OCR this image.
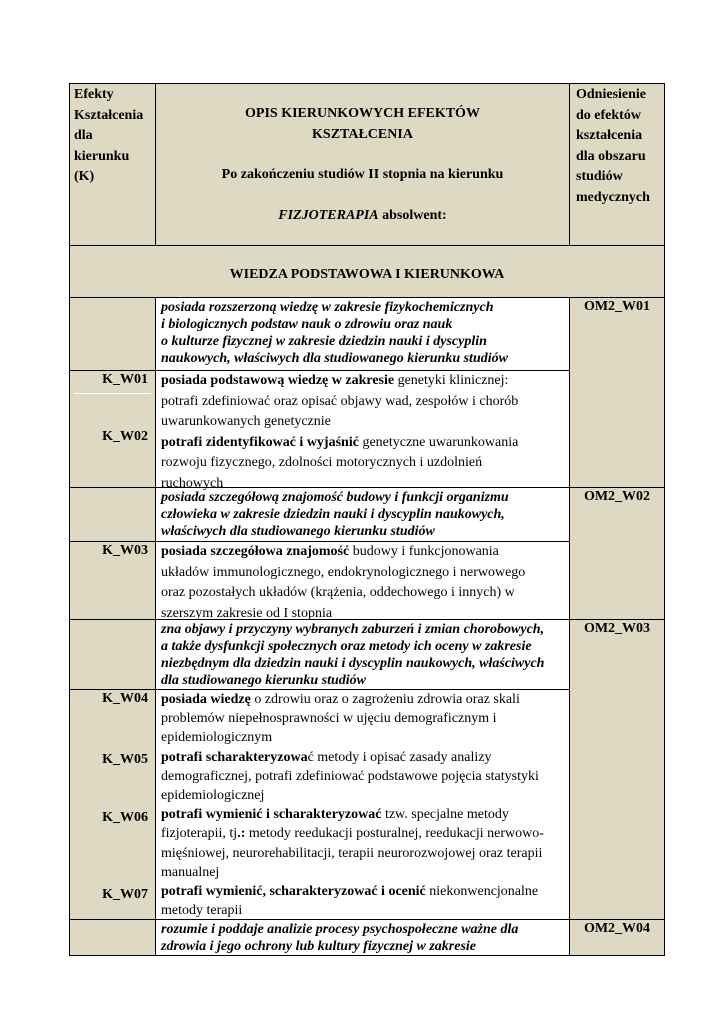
Efekty

Kształcenia

dla

kierunku

(K)

OPIS KIERUNKOWYCH EFEKTÓW

KSZTAŁCENIA

Po zakończeniu studiów II stopnia na kierunku

FIZJOTERAPIA absolwent:

Odniesienie

do efektów

kształcenia

dla obszaru

studiów

medycznych

WIEDZA PODSTAWOWA I KIERUNKOWA

posiada rozszerzoną wiedzę w zakresie fizykochemicznych

i biologicznych podstaw nauk o zdrowiu oraz nauk

o kulturze fizycznej w zakresie dziedzin nauki i dyscyplin

naukowych, właściwych dla studiowanego kierunku studiów

OM2_W01
K_W01
K_W02

posiada podstawową wiedzę w zakresie genetyki klinicznej:

potrafi zdefiniować oraz opisać objawy wad, zespołów i chorób

uwarunkowanych genetycznie

potrafi zidentyfikować i wyjaśnić genetyczne uwarunkowania

rozwoju fizycznego, zdolności motorycznych i uzdolnień

ruchowych

posiada szczegółową znajomość budowy i funkcji organizmu

człowieka w zakresie dziedzin nauki i dyscyplin naukowych,

właściwych dla studiowanego kierunku studiów

OM2_W02
K_W03 posiada szczegółowa znajomość budowy i funkcjonowania

układów immunologicznego, endokrynologicznego i nerwowego

oraz pozostałych układów (krążenia, oddechowego i innych) w

szerszym zakresie od I stopnia

zna objawy i przyczyny wybranych zaburzeń i zmian chorobowych,

a także dysfunkcji społecznych oraz metody ich oceny w zakresie

niezbędnym dla dziedzin nauki i dyscyplin naukowych, właściwych

dla studiowanego kierunku studiów

OM2_W03
K_W04
K_W05
K_W06
K_W07

posiada wiedzę o zdrowiu oraz o zagrożeniu zdrowia oraz skali

problemów niepełnosprawności w ujęciu demograficznym i

epidemiologicznym

potrafi scharakteryzować metody i opisać zasady analizy

demograficznej, potrafi zdefiniować podstawowe pojęcia statystyki

epidemiologicznej

potrafi wymienić i scharakteryzować tzw. specjalne metody

fizjoterapii, tj.: metody reedukacji posturalnej, reedukacji nerwowo-

mięśniowej, neurorehabilitacji, terapii neurorozwojowej oraz terapii

manualnej

potrafi wymienić, scharakteryzować i ocenić niekonwencjonalne

metody terapii

rozumie i poddaje analizie procesy psychospołeczne ważne dla

zdrowia i jego ochrony lub kultury fizycznej w zakresie

OM2_W04
